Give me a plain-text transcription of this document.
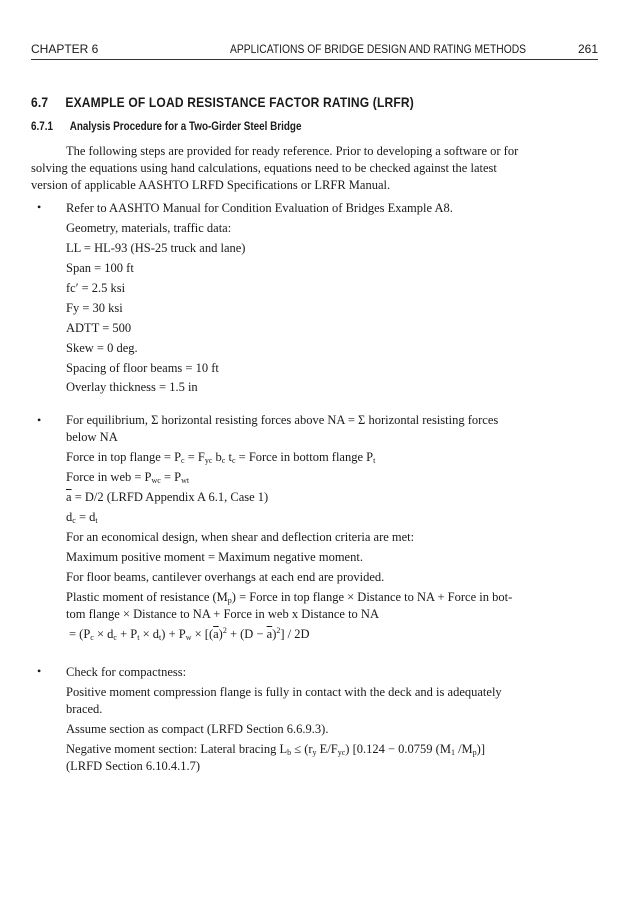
CHAPTER 6	APPLICATIONS OF BRIDGE DESIGN AND RATING METHODS	261
6.7 EXAMPLE OF LOAD RESISTANCE FACTOR RATING (LRFR)
6.7.1 Analysis Procedure for a Two-Girder Steel Bridge
The following steps are provided for ready reference. Prior to developing a software or for
solving the equations using hand calculations, equations need to be checked against the latest
version of applicable AASHTO LRFD Specifications or LRFR Manual.
• Refer to AASHTO Manual for Condition Evaluation of Bridges Example A8.
Geometry, materials, traffic data:
LL = HL-93 (HS-25 truck and lane)
Span = 100 ft
fc′ = 2.5 ksi
Fy = 30 ksi
ADTT = 500
Skew = 0 deg.
Spacing of floor beams = 10 ft
Overlay thickness = 1.5 in
• For equilibrium, Σ horizontal resisting forces above NA = Σ horizontal resisting forces
below NA
Force in top flange = $P_c = F_{yc}$ $b_c$ $t_c$ = Force in bottom flange $P_t$
Force in web = $P_{wc} = P_{wt}$
$\overline{a} = D/2$ (LRFD Appendix A 6.1, Case 1)
$d_c = d_t$
For an economical design, when shear and deflection criteria are met:
Maximum positive moment = Maximum negative moment.
For floor beams, cantilever overhangs at each end are provided.
Plastic moment of resistance $(M_p)$ = Force in top flange × Distance to NA + Force in bot-
tom flange × Distance to NA + Force in web x Distance to NA
= $(P_c \times d_c + P_t \times d_t) + P_w \times [(\overline{a})^2 + (D - \overline{a})^2] / 2D$
• Check for compactness:
Positive moment compression flange is fully in contact with the deck and is adequately
braced.
Assume section as compact (LRFD Section 6.6.9.3).
Negative moment section: Lateral bracing $L_b \le (r_y$ $E/F_{yc}$) [0.124 − 0.0759 ($M_1$ $/M_p$)]
(LRFD Section 6.10.4.1.7)
